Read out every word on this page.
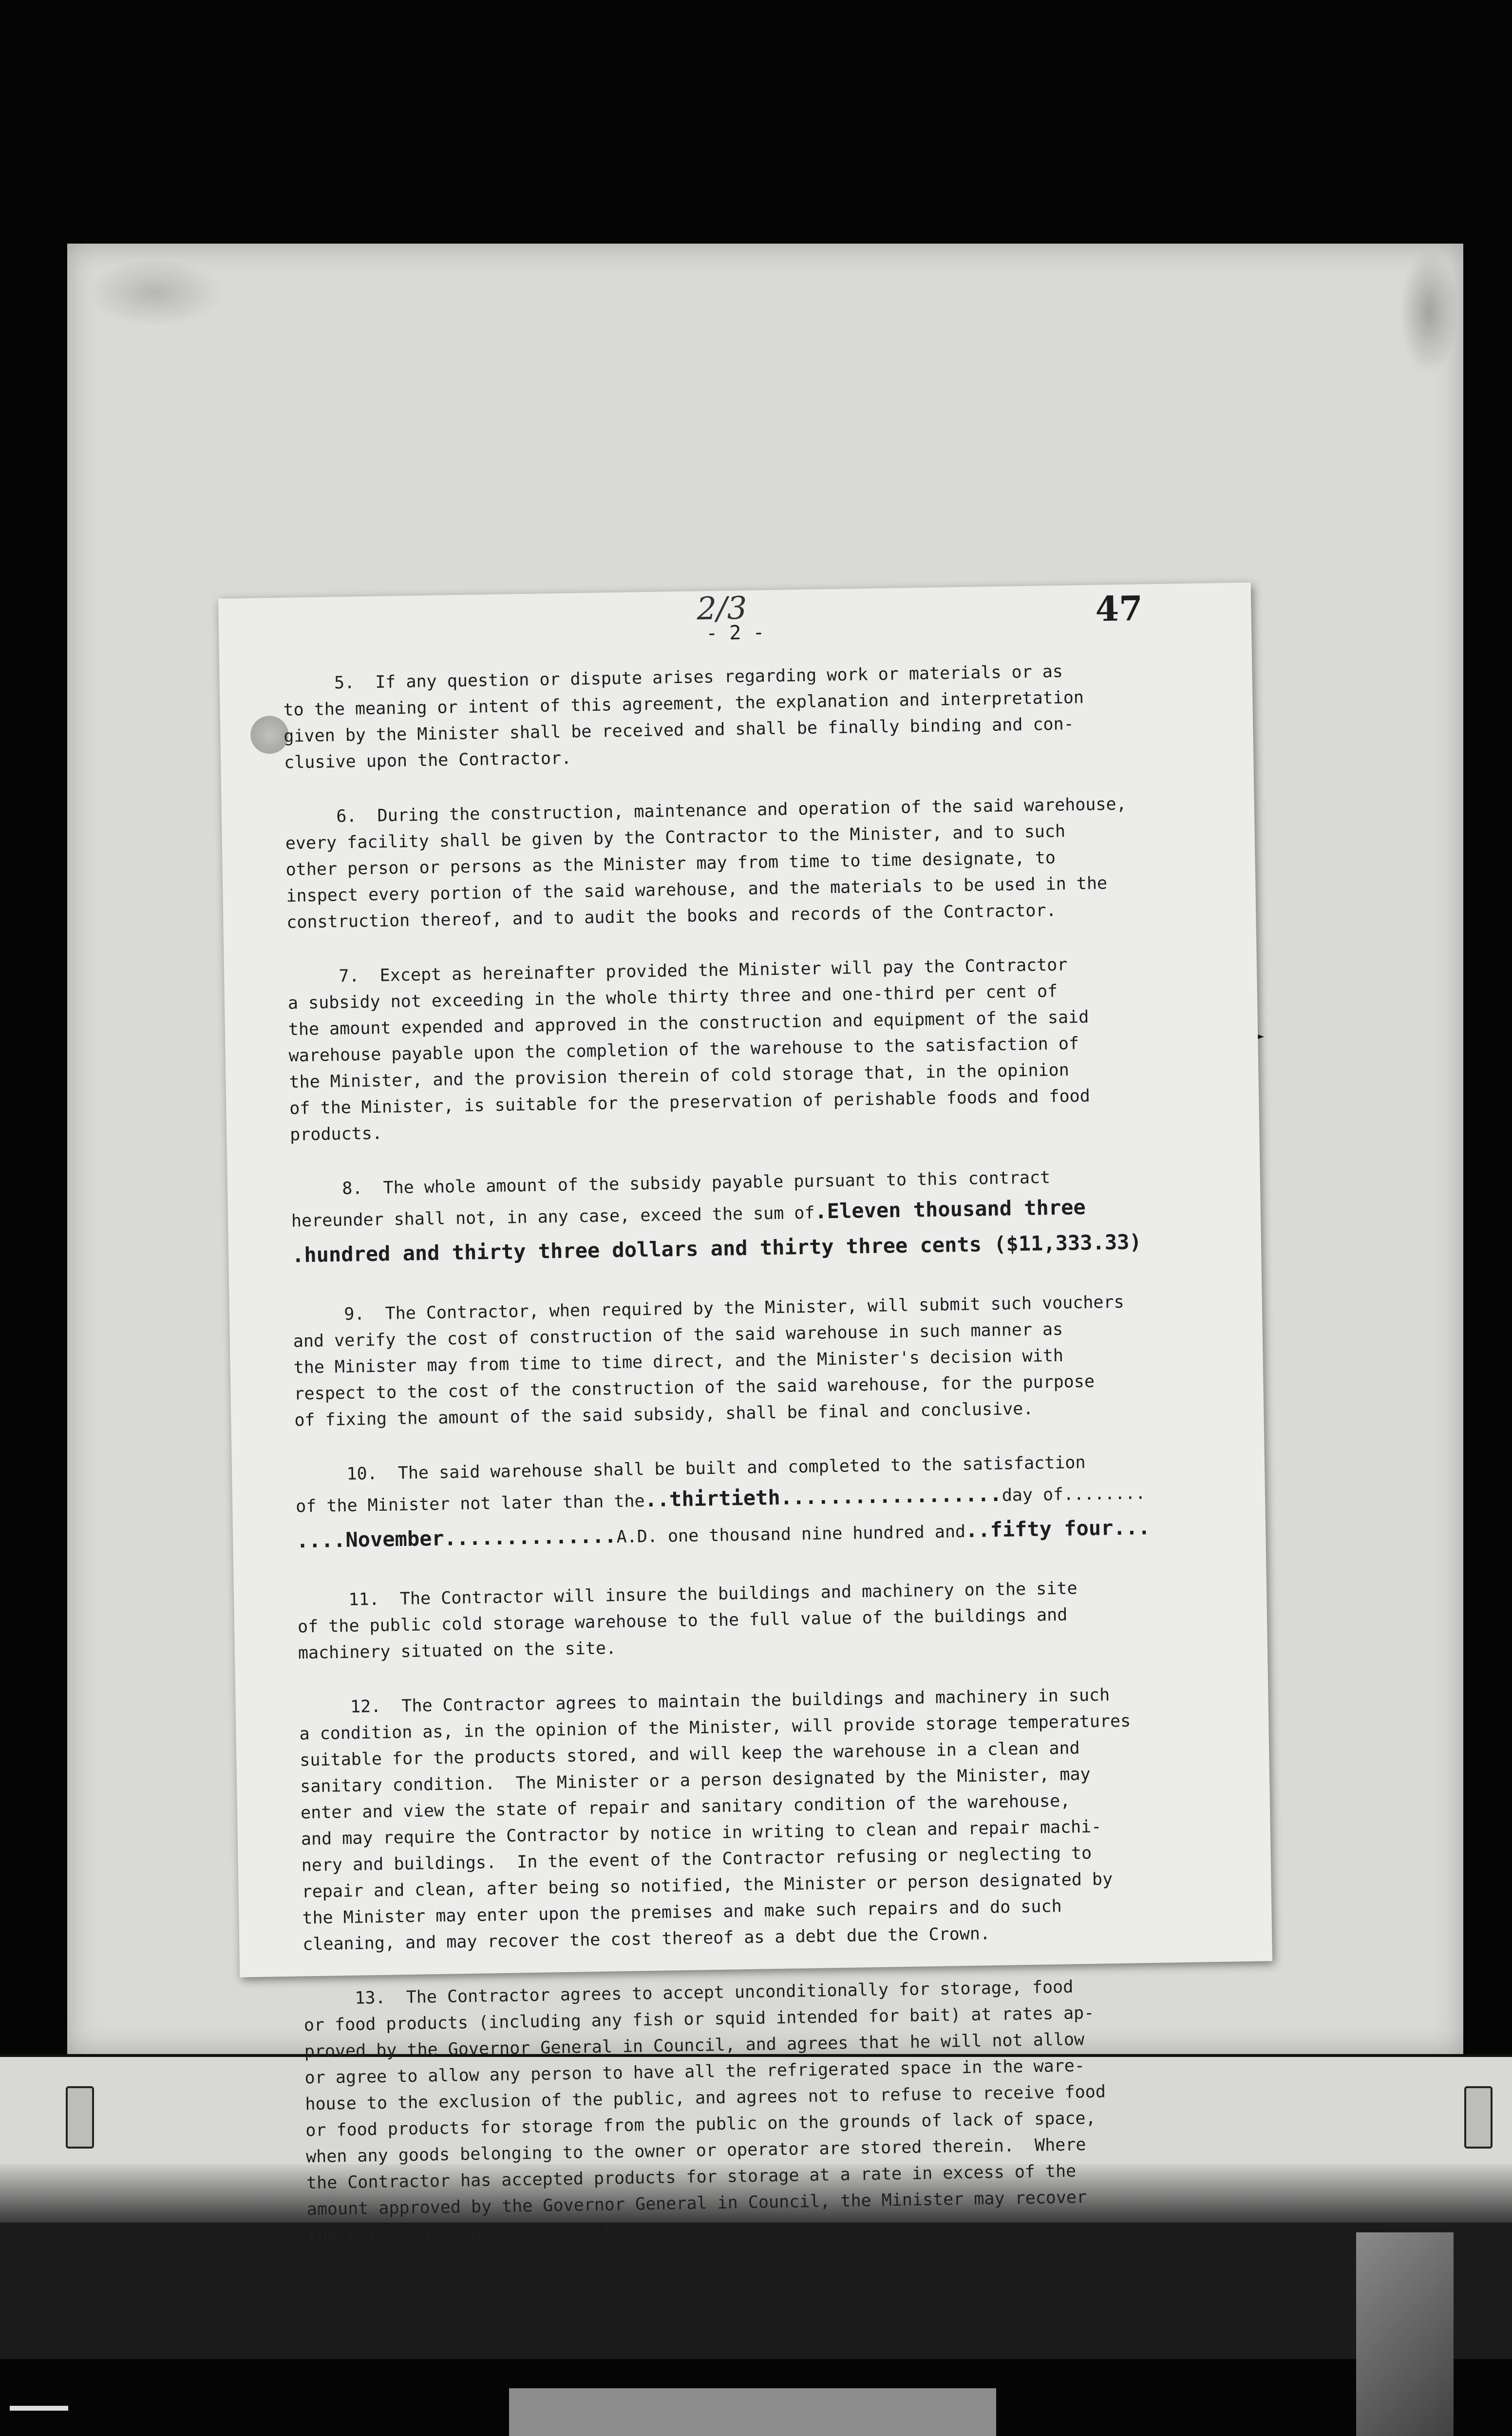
2/3
- 2 -
47
5.  If any question or dispute arises regarding work or materials or as
to the meaning or intent of this agreement, the explanation and interpretation
given by the Minister shall be received and shall be finally binding and con-
clusive upon the Contractor.
6.  During the construction, maintenance and operation of the said warehouse,
every facility shall be given by the Contractor to the Minister, and to such
other person or persons as the Minister may from time to time designate, to
inspect every portion of the said warehouse, and the materials to be used in the
construction thereof, and to audit the books and records of the Contractor.
7.  Except as hereinafter provided the Minister will pay the Contractor
a subsidy not exceeding in the whole thirty three and one-third per cent of
the amount expended and approved in the construction and equipment of the said
warehouse payable upon the completion of the warehouse to the satisfaction of
the Minister, and the provision therein of cold storage that, in the opinion
of the Minister, is suitable for the preservation of perishable foods and food
products.
8.  The whole amount of the subsidy payable pursuant to this contract
hereunder shall not, in any case, exceed the sum of.Eleven thousand three
.hundred and thirty three dollars and thirty three cents ($11,333.33)
9.  The Contractor, when required by the Minister, will submit such vouchers
and verify the cost of construction of the said warehouse in such manner as
the Minister may from time to time direct, and the Minister's decision with
respect to the cost of the construction of the said warehouse, for the purpose
of fixing the amount of the said subsidy, shall be final and conclusive.
10.  The said warehouse shall be built and completed to the satisfaction
of the Minister not later than the..thirtieth..................day of........
....November..............A.D. one thousand nine hundred and..fifty four...
11.  The Contractor will insure the buildings and machinery on the site
of the public cold storage warehouse to the full value of the buildings and
machinery situated on the site.
12.  The Contractor agrees to maintain the buildings and machinery in such
a condition as, in the opinion of the Minister, will provide storage temperatures
suitable for the products stored, and will keep the warehouse in a clean and
sanitary condition.  The Minister or a person designated by the Minister, may
enter and view the state of repair and sanitary condition of the warehouse,
and may require the Contractor by notice in writing to clean and repair machi-
nery and buildings.  In the event of the Contractor refusing or neglecting to
repair and clean, after being so notified, the Minister or person designated by
the Minister may enter upon the premises and make such repairs and do such
cleaning, and may recover the cost thereof as a debt due the Crown.
13.  The Contractor agrees to accept unconditionally for storage, food
or food products (including any fish or squid intended for bait) at rates ap-
proved by the Governor General in Council, and agrees that he will not allow
or agree to allow any person to have all the refrigerated space in the ware-
house to the exclusion of the public, and agrees not to refuse to receive food
or food products for storage from the public on the grounds of lack of space,
when any goods belonging to the owner or operator are stored therein.  Where
the Contractor has accepted products for storage at a rate in excess of the
amount approved by the Governor General in Council, the Minister may recover
the excess as a debt due the Crown.
